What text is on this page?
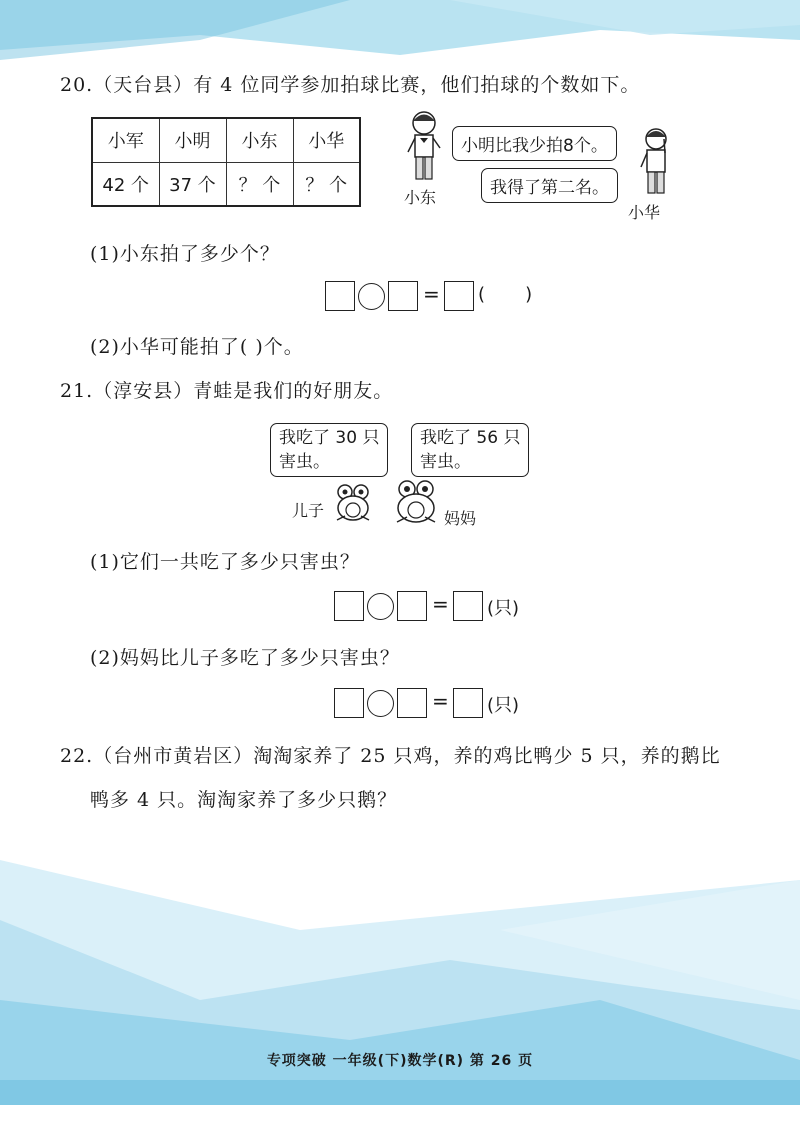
20.（天台县）有 4 位同学参加拍球比赛，他们拍球的个数如下。
小军	小明	小东	小华
42 个	37 个	？ 个	？ 个
小东
小明比我少拍8个。
我得了第二名。
小华
(1)小东拍了多少个？
= (       )
(2)小华可能拍了( )个。
21.（淳安县）青蛙是我们的好朋友。
我吃了 30 只
害虫。
我吃了 56 只
害虫。
儿子	妈妈
(1)它们一共吃了多少只害虫？
= (只)
(2)妈妈比儿子多吃了多少只害虫？
= (只)
22.（台州市黄岩区）淘淘家养了 25 只鸡，养的鸡比鸭少 5 只，养的鹅比
鸭多 4 只。淘淘家养了多少只鹅？
专项突破 一年级(下)数学(R) 第 26 页
